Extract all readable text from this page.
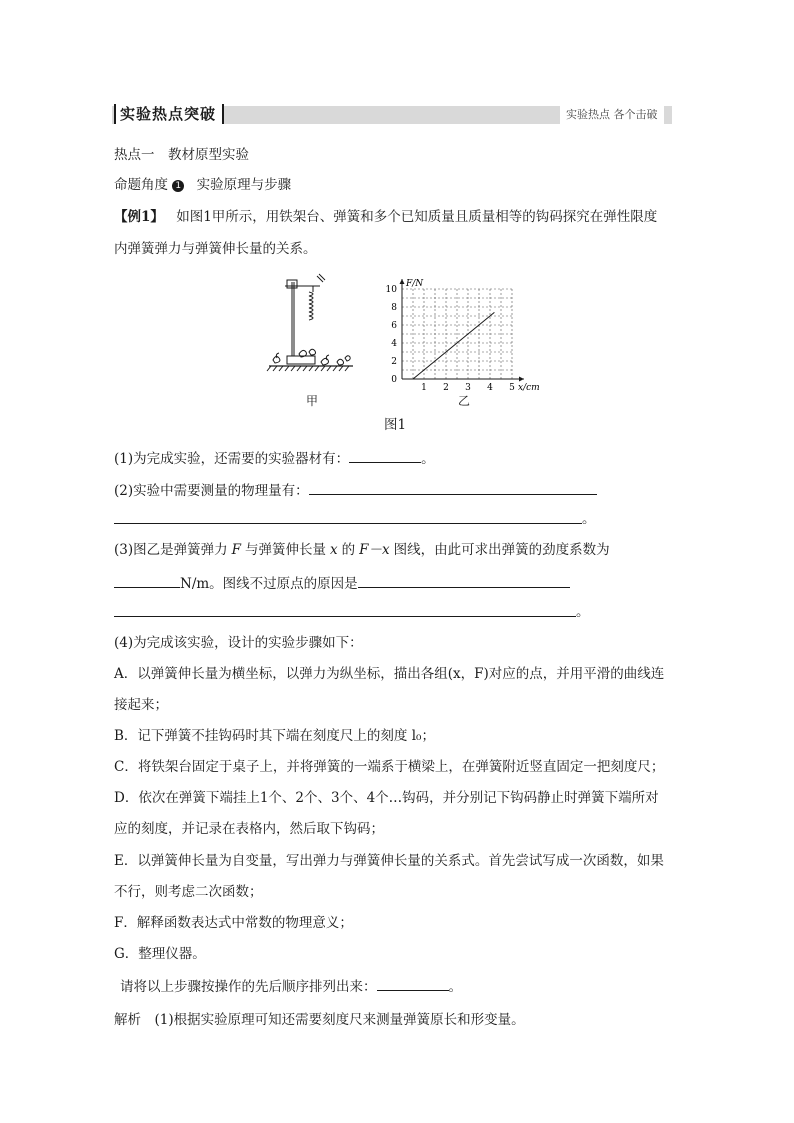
实验热点突破	实验热点 各个击破
热点一　教材原型实验
命题角度 1 实验原理与步骤
【例1】 如图1甲所示，用铁架台、弹簧和多个已知质量且质量相等的钩码探究在弹性限度
内弹簧弹力与弹簧伸长量的关系。
甲
1 2 3 4 5
0
2
4
6
8
10
F/N
x/cm
乙
图1
(1)为完成实验，还需要的实验器材有：	。
(2)实验中需要测量的物理量有：
。
(3)图乙是弹簧弹力 F 与弹簧伸长量 x 的 F－x 图线，由此可求出弹簧的劲度系数为
N/m。图线不过原点的原因是
。
(4)为完成该实验，设计的实验步骤如下：
A．以弹簧伸长量为横坐标，以弹力为纵坐标，描出各组(x，F)对应的点，并用平滑的曲线连
接起来；
B．记下弹簧不挂钩码时其下端在刻度尺上的刻度 l₀；
C．将铁架台固定于桌子上，并将弹簧的一端系于横梁上，在弹簧附近竖直固定一把刻度尺；
D．依次在弹簧下端挂上1个、2个、3个、4个…钩码，并分别记下钩码静止时弹簧下端所对
应的刻度，并记录在表格内，然后取下钩码；
E．以弹簧伸长量为自变量，写出弹力与弹簧伸长量的关系式。首先尝试写成一次函数，如果
不行，则考虑二次函数；
F．解释函数表达式中常数的物理意义；
G．整理仪器。
请将以上步骤按操作的先后顺序排列出来：	。
解析　(1)根据实验原理可知还需要刻度尺来测量弹簧原长和形变量。
